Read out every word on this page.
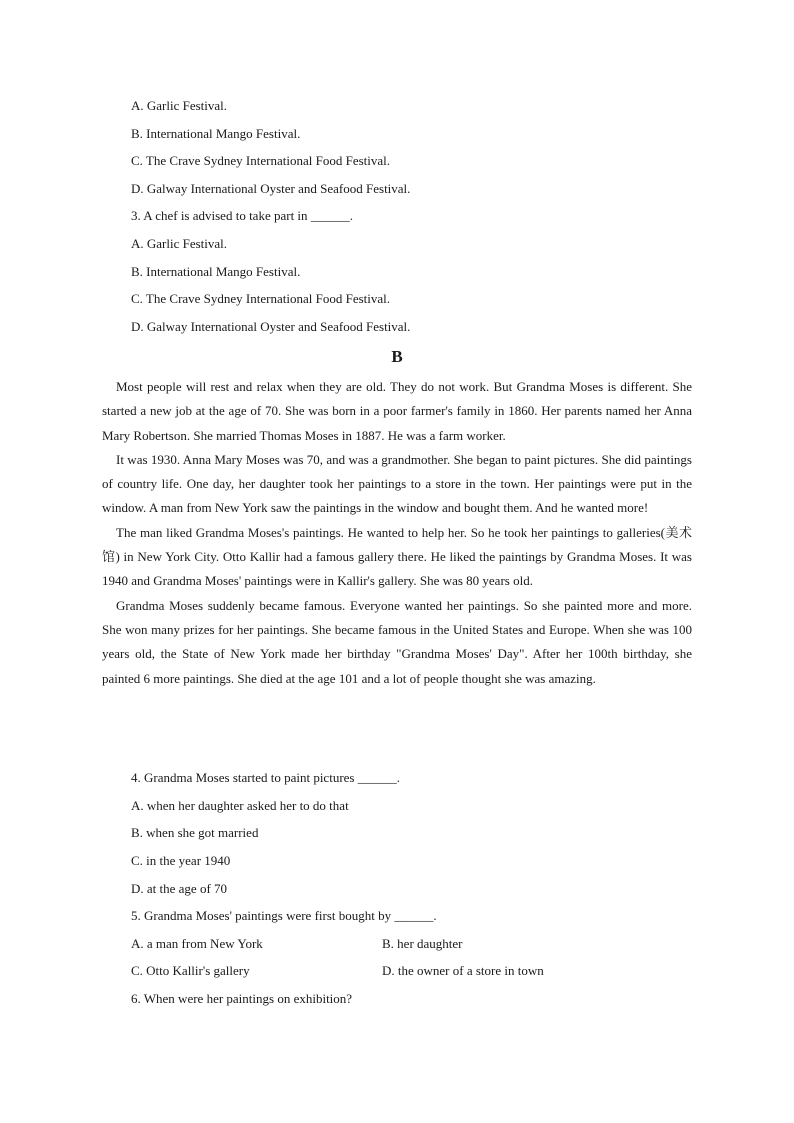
A. Garlic Festival.
B. International Mango Festival.
C. The Crave Sydney International Food Festival.
D. Galway International Oyster and Seafood Festival.
3. A chef is advised to take part in ______.
A. Garlic Festival.
B. International Mango Festival.
C. The Crave Sydney International Food Festival.
D. Galway International Oyster and Seafood Festival.
B

Most people will rest and relax when they are old. They do not work. But Grandma Moses is different. She started a new job at the age of 70. She was born in a poor farmer's family in 1860. Her parents named her Anna Mary Robertson. She married Thomas Moses in 1887. He was a farm worker.

It was 1930. Anna Mary Moses was 70, and was a grandmother. She began to paint pictures. She did paintings of country life. One day, her daughter took her paintings to a store in the town. Her paintings were put in the window. A man from New York saw the paintings in the window and bought them. And he wanted more!

The man liked Grandma Moses's paintings. He wanted to help her. So he took her paintings to galleries(美术馆) in New York City. Otto Kallir had a famous gallery there. He liked the paintings by Grandma Moses. It was 1940 and Grandma Moses' paintings were in Kallir's gallery. She was 80 years old.

Grandma Moses suddenly became famous. Everyone wanted her paintings. So she painted more and more. She won many prizes for her paintings. She became famous in the United States and Europe. When she was 100 years old, the State of New York made her birthday "Grandma Moses' Day". After her 100th birthday, she painted 6 more paintings. She died at the age 101 and a lot of people thought she was amazing.

4. Grandma Moses started to paint pictures ______.
A. when her daughter asked her to do that
B. when she got married
C. in the year 1940
D. at the age of 70
5. Grandma Moses' paintings were first bought by ______.
A. a man from New York	B. her daughter
C. Otto Kallir's gallery	D. the owner of a store in town
6. When were her paintings on exhibition?
